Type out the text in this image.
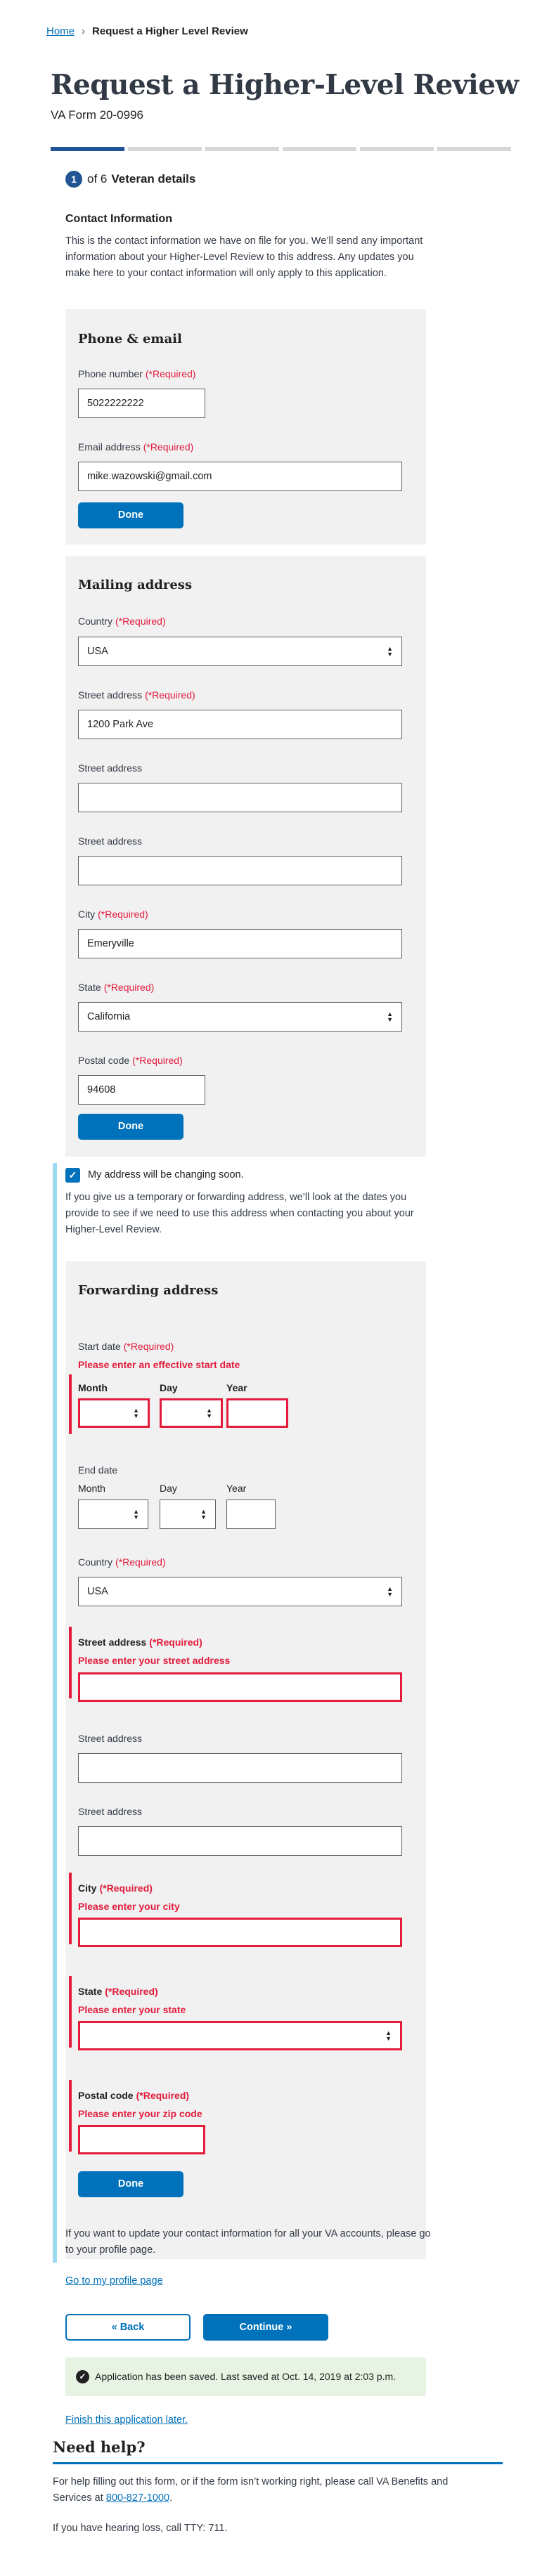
Home › Request a Higher Level Review
Request a Higher-Level Review
VA Form 20-0996
1 of 6 Veteran details
Contact Information
This is the contact information we have on file for you. We’ll send any important information about your Higher-Level Review to this address. Any updates you make here to your contact information will only apply to this application.
Phone & email
Phone number (*Required)
5022222222
Email address (*Required)
mike.wazowski@gmail.com
Done
Mailing address
Country (*Required)
USA	▲
▼
Street address (*Required)
1200 Park Ave
Street address
Street address
City (*Required)
Emeryville
State (*Required)
California	▲
▼
Postal code (*Required)
94608
Done
✓	My address will be changing soon.
If you give us a temporary or forwarding address, we’ll look at the dates you provide to see if we need to use this address when contacting you about your Higher-Level Review.
Forwarding address
Start date (*Required)
Please enter an effective start date
Month	Day	Year
▲
▼
▲
▼
End date
Month	Day	Year
▲
▼
▲
▼
Country (*Required)
USA	▲
▼
Street address (*Required)
Please enter your street address
Street address
Street address
City (*Required)
Please enter your city
State (*Required)
Please enter your state
▲
▼
Postal code (*Required)
Please enter your zip code
Done
If you want to update your contact information for all your VA accounts, please go to your profile page.
Go to my profile page
« Back	Continue »
✓ Application has been saved. Last saved at Oct. 14, 2019 at 2:03 p.m.
Finish this application later.
Need help?
For help filling out this form, or if the form isn’t working right, please call VA Benefits and Services at 800-827-1000.
If you have hearing loss, call TTY: 711.
